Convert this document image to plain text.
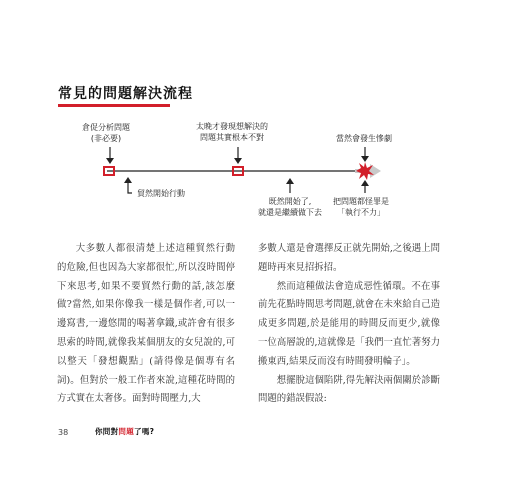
常見的問題解決流程
倉促分析問題
(非必要)
貿然開始行動
太晚才發現想解決的
問題其實根本不對
既然開始了,
就還是繼續做下去
當然會發生慘劇
把問題都怪罪是
「執行不力」

大多數人都很清楚上述這種貿然行動的危險,但也因為大家都很忙,所以沒時間停下來思考,如果不要貿然行動的話,該怎麼做?當然,如果你像我一樣是個作者,可以一邊寫書,一邊悠閒的喝著拿鐵,或許會有很多思索的時間,就像我某個朋友的女兒說的,可以整天「發想觀點」(請得像是個專有名詞)。但對於一般工作者來說,這種花時間的方式實在太奢侈。面對時間壓力,大

多數人還是會選擇反正就先開始,之後遇上問題時再來見招拆招。

然而這種做法會造成惡性循環。不在事前先花點時間思考問題,就會在未來給自己造成更多問題,於是能用的時間反而更少,就像一位高層說的,這就像是「我們一直忙著努力搬東西,結果反而沒有時間發明輪子」。

想擺脫這個陷阱,得先解決兩個關於診斷問題的錯誤假設:

38	你問對問題了嗎?
